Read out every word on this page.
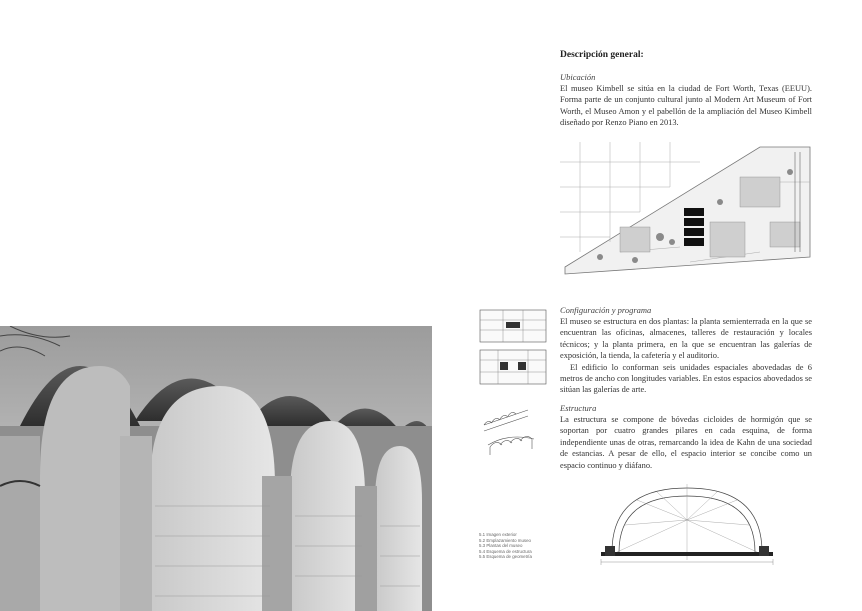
Descripción general:
Ubicación

El museo Kimbell se sitúa en la ciudad de Fort Worth, Texas (EEUU). Forma parte de un conjunto cultural junto al Modern Art Museum of Fort Worth, el Museo Amon y el pabellón de la ampliación del Museo Kimbell diseñado por Renzo Piano en 2013.

Configuración y programa

El museo se estructura en dos plantas: la planta semienterrada en la que se encuentran las oficinas, almacenes, talleres de restauración y locales técnicos; y la planta primera, en la que se encuentran las galerías de exposición, la tienda, la cafetería y el auditorio.

El edificio lo conforman seis unidades espaciales abovedadas de 6 metros de ancho con longitudes variables. En estos espacios abovedados se sitúan las galerías de arte.

Estructura

La estructura se compone de bóvedas cicloides de hormigón que se soportan por cuatro grandes pilares en cada esquina, de forma independiente unas de otras, remarcando la idea de Kahn de una sociedad de estancias. A pesar de ello, el espacio interior se concibe como un espacio continuo y diáfano.

5.1 Imagen exterior
5.2 Emplazamiento museo
5.3 Plantas del museo
5.4 Esquema de estructura
5.5 Esquema de geometría
